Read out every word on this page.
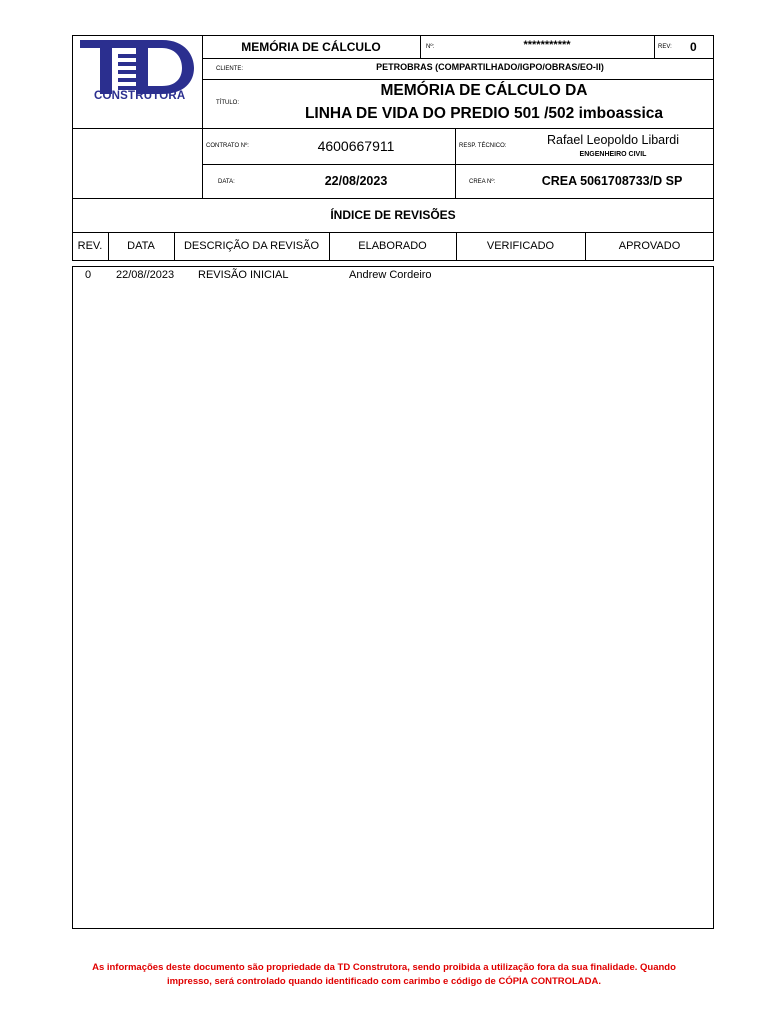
CONSTRUTORA
MEMÓRIA DE CÁLCULO	Nº:	***********	REV: 0
CLIENTE:	PETROBRAS (COMPARTILHADO/IGPO/OBRAS/EO-II)
TÍTULO:
MEMÓRIA DE CÁLCULO DA
LINHA DE VIDA DO PREDIO 501 /502 imboassica
CONTRATO Nº:	4600667911	RESP. TÉCNICO:	Rafael Leopoldo Libardi
ENGENHEIRO CIVIL
DATA:	22/08/2023	CREA Nº:	CREA 5061708733/D SP
ÍNDICE DE REVISÕES
REV.	DATA	DESCRIÇÃO DA REVISÃO	ELABORADO	VERIFICADO	APROVADO
0 22/08//2023 REVISÃO INICIAL	Andrew Cordeiro
As informações deste documento são propriedade da TD Construtora, sendo proibida a utilização fora da sua finalidade. Quando
impresso, será controlado quando identificado com carimbo e código de CÓPIA CONTROLADA.
